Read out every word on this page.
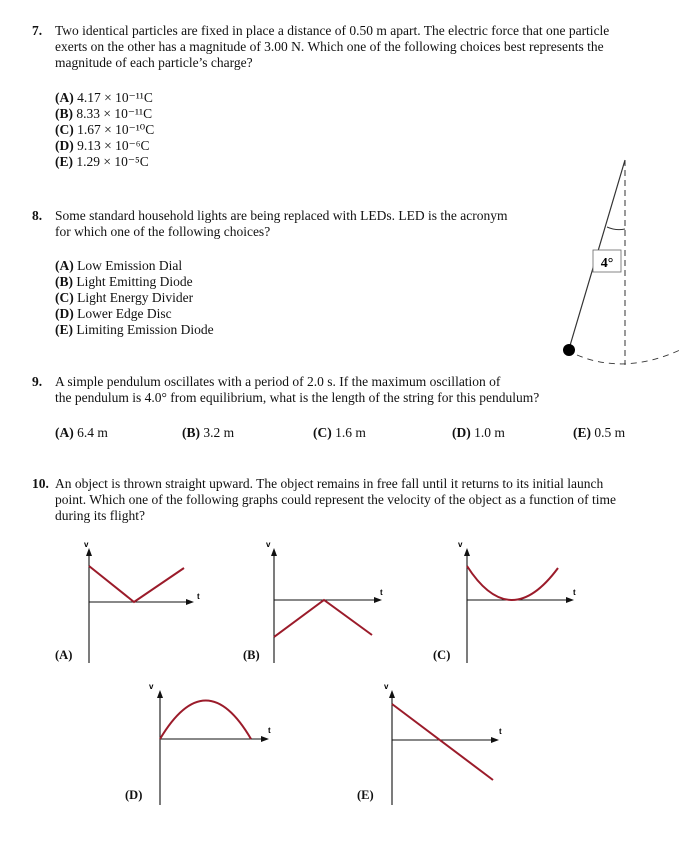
7. Two identical particles are fixed in place a distance of 0.50 m apart. The electric force that one particle
exerts on the other has a magnitude of 3.00 N. Which one of the following choices best represents the
magnitude of each particle’s charge?
(A) 4.17 × 10⁻¹¹C
(B) 8.33 × 10⁻¹¹C
(C) 1.67 × 10⁻¹⁰C
(D) 9.13 × 10⁻⁶C
(E) 1.29 × 10⁻⁵C
8. Some standard household lights are being replaced with LEDs. LED is the acronym
for which one of the following choices?
(A) Low Emission Dial
(B) Light Emitting Diode
(C) Light Energy Divider
(D) Lower Edge Disc
(E) Limiting Emission Diode
4°
9. A simple pendulum oscillates with a period of 2.0 s. If the maximum oscillation of
the pendulum is 4.0° from equilibrium, what is the length of the string for this pendulum?
(A) 6.4 m	(B) 3.2 m	(C) 1.6 m	(D) 1.0 m	(E) 0.5 m
10. An object is thrown straight upward. The object remains in free fall until it returns to its initial launch
point. Which one of the following graphs could represent the velocity of the object as a function of time
during its flight?
v
t
(A)
v
t
(B)
v
t
(C)
v
t
(D)
v
t
(E)
